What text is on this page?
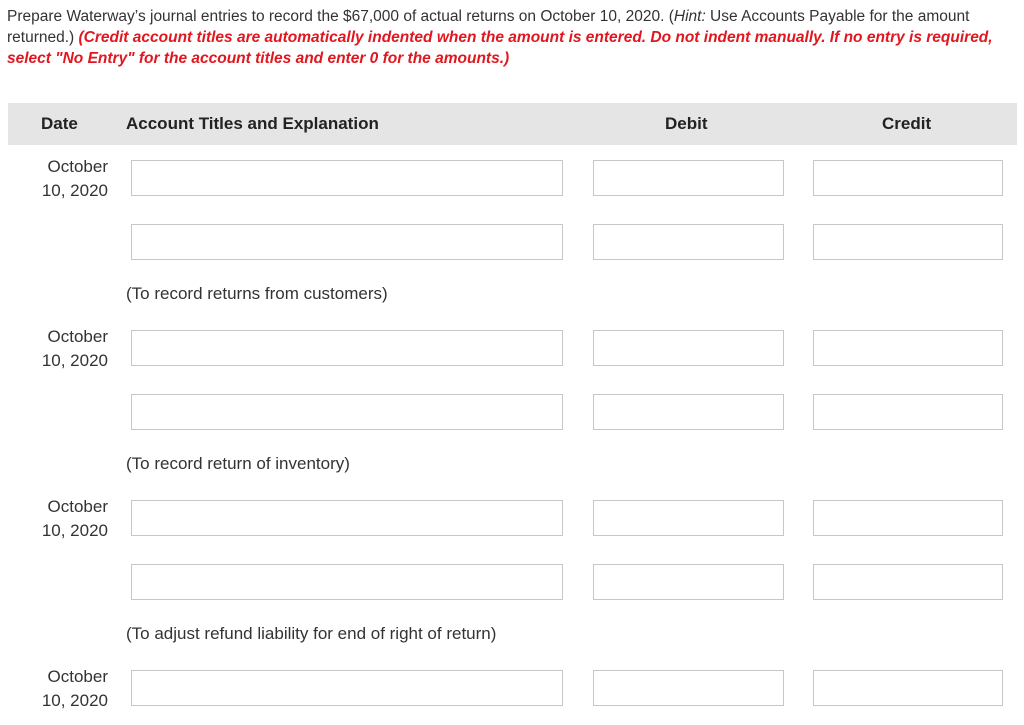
Prepare Waterway’s journal entries to record the $67,000 of actual returns on October 10, 2020. (Hint: Use Accounts Payable for the amount returned.) (Credit account titles are automatically indented when the amount is entered. Do not indent manually. If no entry is required, select "No Entry" for the account titles and enter 0 for the amounts.)
Date	Account Titles and Explanation	Debit	Credit
October
10, 2020
(To record returns from customers)
October
10, 2020
(To record return of inventory)
October
10, 2020
(To adjust refund liability for end of right of return)
October
10, 2020
